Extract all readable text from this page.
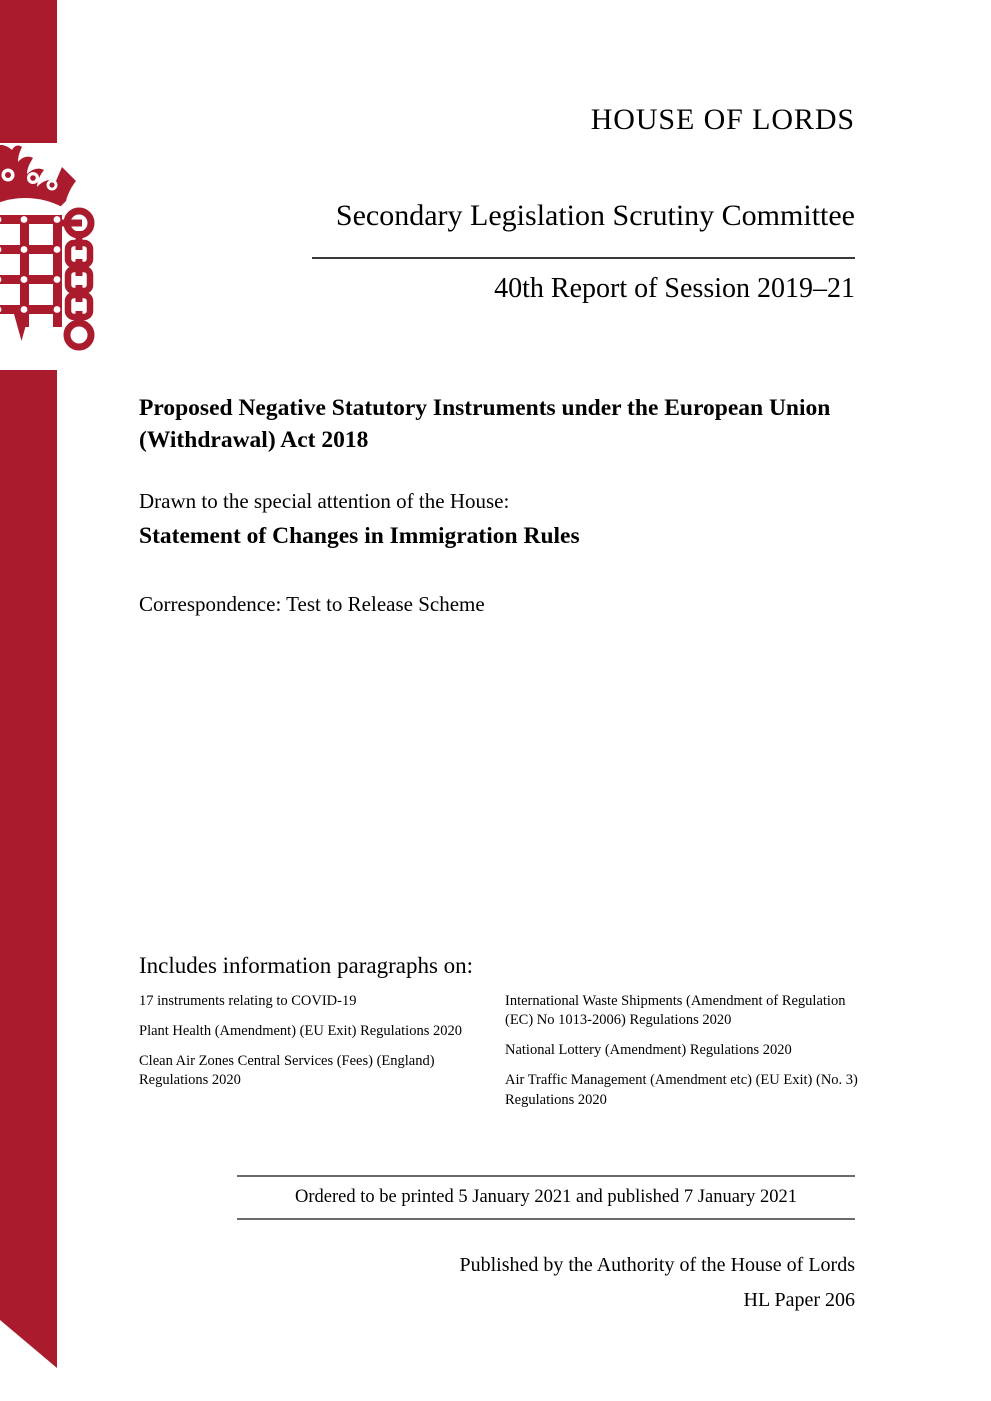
HOUSE OF LORDS
Secondary Legislation Scrutiny Committee
40th Report of Session 2019–21
Proposed Negative Statutory Instruments under the European Union (Withdrawal) Act 2018
Drawn to the special attention of the House:
Statement of Changes in Immigration Rules
Correspondence: Test to Release Scheme
Includes information paragraphs on:
17 instruments relating to COVID-19
Plant Health (Amendment) (EU Exit) Regulations 2020
Clean Air Zones Central Services (Fees) (England) Regulations 2020
International Waste Shipments (Amendment of Regulation (EC) No 1013-2006) Regulations 2020
National Lottery (Amendment) Regulations 2020
Air Traffic Management (Amendment etc) (EU Exit) (No. 3) Regulations 2020
Ordered to be printed 5 January 2021 and published 7 January 2021
Published by the Authority of the House of Lords
HL Paper 206
